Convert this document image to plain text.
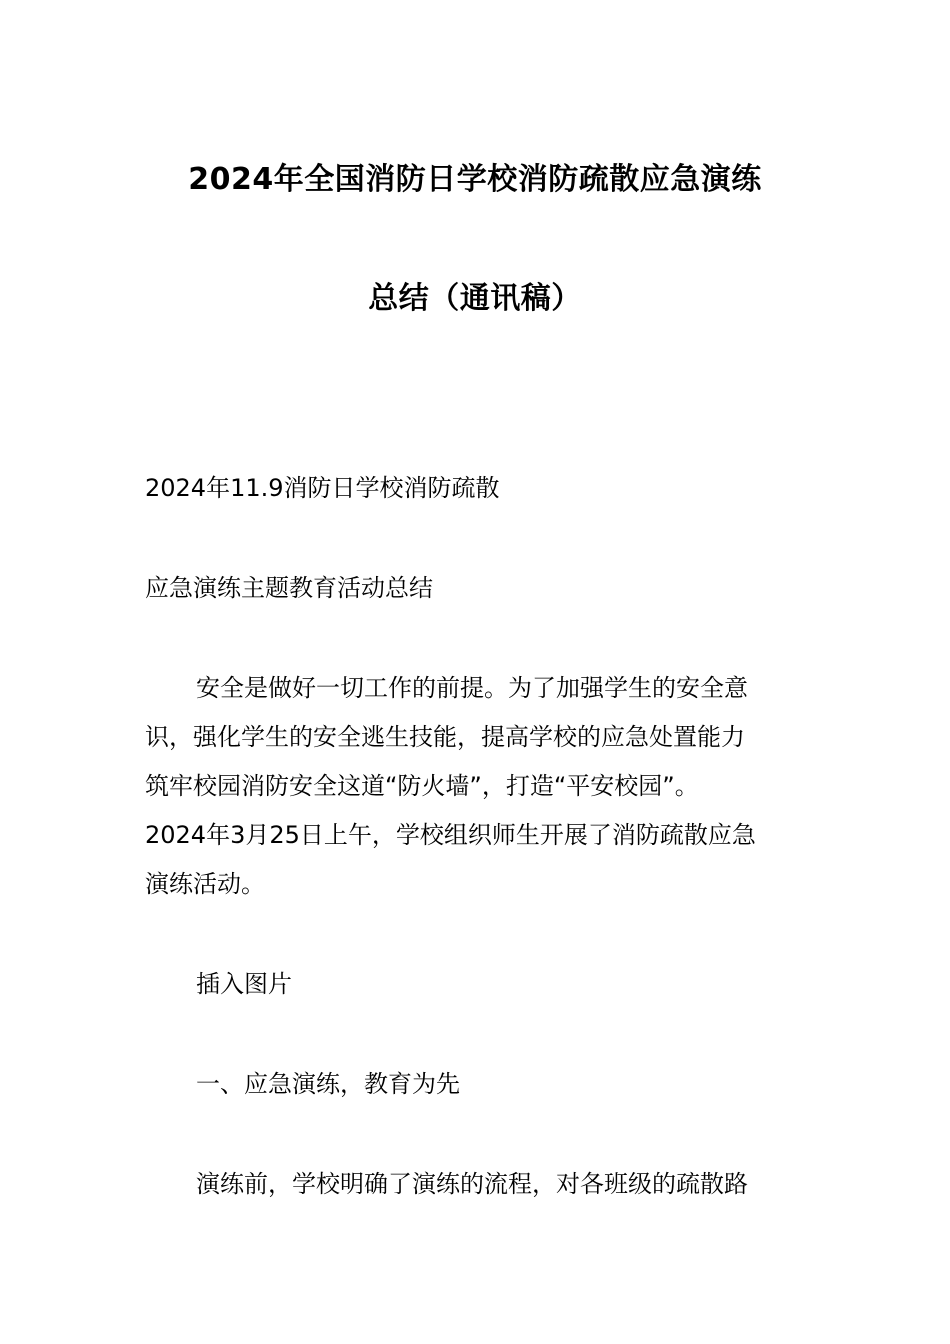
2024年全国消防日学校消防疏散应急演练
总结（通讯稿）
2024年11.9消防日学校消防疏散
应急演练主题教育活动总结
安全是做好一切工作的前提。为了加强学生的安全意
识，强化学生的安全逃生技能，提高学校的应急处置能力
筑牢校园消防安全这道“防火墙”，打造“平安校园”。
2024年3月25日上午，学校组织师生开展了消防疏散应急
演练活动。
插入图片
一、应急演练，教育为先
演练前，学校明确了演练的流程，对各班级的疏散路
